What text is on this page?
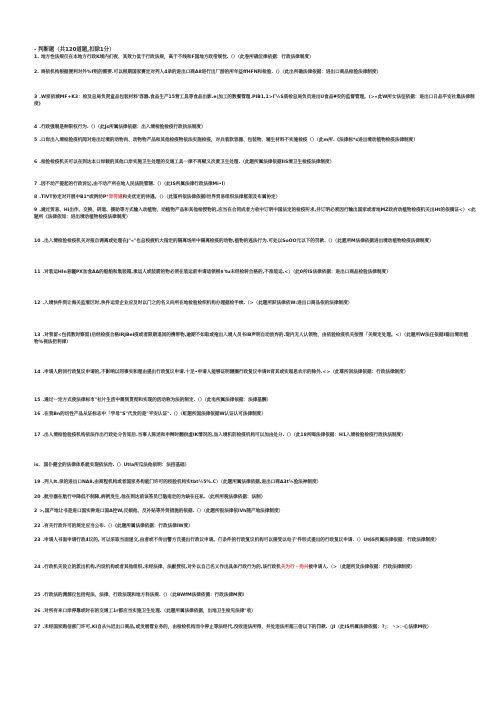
- 判断题（共120道题,扣除1分）
1. 地方性法规仅在本地方行政K域内们夜、其效力低于行政法规，高于不线和F国地方政帝规忱.（）（此卷所确泣律依据：行政法律制度）
2. 商依机构根据便利对外%f则的需要.可以根期国家赛定对列人4录的进出口商A8进行出厂游的所年益ffHFN和检验.（）（此出所确法律依据：进出口商品检验法律制度）
3 .W家依城MF+K3：检及总局负责盒品包装材料'容器.食品生产15营工具等食品出影.e|加工的数餐管理.PIB1,1>Γ¼S质检总局负员进出U食品¥安的监督管理。(>«此W所女法征依据：进出口日品平安社集法律制度)
4 .行政强制是种限权行为.（）（此Js所属法律依据：出入境检验检疫行政执法制度）
5 .口岸出入境检验疫机闻对进出过境的动物肉、动物物产品和其他检疫物依法实施检疫，对兵装软容器、包装物、辅生材料不实施检疫（）（此m所.《法律标*s进出境动植物检疫法律制度）
6 .检验检疫机关可以在到达本口岸载的其他口岸实施卫生处理的交通工具一律不再赋义次黄卫生处理.（此题所属法律依据IIS境卫生检疫法律制度）
7 .因不动产提起的行政诉讼,由不动产所在地人民法院管辖.（）（此IS所属法律行政法律Mi•I）
8 .TIVT协定对开展中B1*或例纺P*异符通和史优定的待遇。（）（此鉴所依法律依据l世界贸易组织法律框架及布属协定）
9 .通过贸易、Hi出作、交换、研道、援助等方式输入动植物、动植物产品和其他检授物的,应当在合同成者力收中订明中国法定的检疫听求,并订明必须因行输出国家或者地MZ政府动植物检疫机关出Ht的依摘证<）<此题所《法律依知：进出境动植物检疫法律制度）
10 .出入境检验检疫机关对报自调离或处理在J"«"也总校疲机大指定的隔离场所中隔离检疫的动物,植物的逃法行为.可处以SoOO元以下的罚款.（）（此愿所M法律依据进出境动植物检疫法律制度）
11 .对装运HIn易疆PX加食AA的船舶和集装箱,承运人或装箭的物必须在装运前申请适领根$'tu末经检转合格的,不准装运.<）（此0所IS法律依据：进出口商品检验法律制度）
12 .入境快件到让海关监看区时,快件运背企业应及时以门之的名义向所在地检验检织机构办理据检手续.（>（此题所跃法律依W:进出口商品依的法律制度）
13 .对我留<包抓数时察留)后经检疫合格IRJBel疫或者限期退回的携带物,逾期不如取或拖出入境人员书IB声明自动放弃的.现内无人认领物，由依验检疫机关按照「关规定处理。<）（此题所W法任依据I稳出境动植物%视法把利律）
14 .申请人附回行政复议申请的,不影响以同事实和理由提出行政复议申请.十足•申请人能够证明辗圈行政复议申请lt背其或实超思农示的除外.<>（此尊所回法律依据：行政法律制度）
15 .通过一定方式使法律标市"社片生活中需到贯彻和实现的活动称为法的制定.（）（此电所属法律依据：法律基酬）
16 .在我Bn的切性产品从证标志中「学母"S"代发的是"平安认证".（）（虹题所国法律依据W认证认可法律制度）
17 .出人境检验验疫机构依法作出行政处分告知后.当事人陈述和申辩时翻供虚IK情况的,加入境机防检疫机构可以加由处分.（）（此18所喝法律依据：H1入境检验检疫行政执法制度）
is. 国仆健全的法律体系就实现依法治.（）Utla所瓜法他依明：法招基础）
19 .列人It.录的进出口NA8,由商程机构或者国家务构能门许可的校验机构实tbt¼5%.C）（此题所属法律依据,进出口商A3t¼验法神制度）
20 .航空器在航行中降低不制降,病例发生,他在到达前该答员已隐南走的为缺在任私.（此所所税法律依据：法制）
2 >,国产地让书是进口国实种进口国A控W,反倾他、反补贴等外贸措施的依据.（）（此题所报法律依lVh随产地法律制度）
22 .有关行政许可的规定应当公布.（）《此题所属法律依据：行政法律IW度）
23 .申请人书面申请行政4议的, 可以采取当面递文,由者或不传出警方氏提出行政议申请。仃条件的行政复议机构可以接受以电子'件形式提出的行政复议申请.（）Ut§S所属法律依据：行政法律制度）
24 .行政机关设立的派出机构,内设机构或者其他组织,未经法律、法献授权,对外以自己名义作出具体行政行为的,该行政机关为行・拘兴被申请人.（>（此题所及法律依据：行政法律制度）
25 .行政法的渊源仪包括宪法、法律、行政法现和地方科法规.（）（此BWfM法律依循：行政法律M度I
26 .对所有来口岸停靠或时在的交通工1r都应当实施卫生处理.（此题所属法律依据，出地卫生检见法律"收）
27 .未经国家购信部门许可,KI自从％迟出口商品,或发展管业务的，由检检机构而令停止等法经代,没收违法所得，并处违法所超三倍以下的罚款.（JI（此IS所属法律依据：?」：丶>：·心法律M收）
